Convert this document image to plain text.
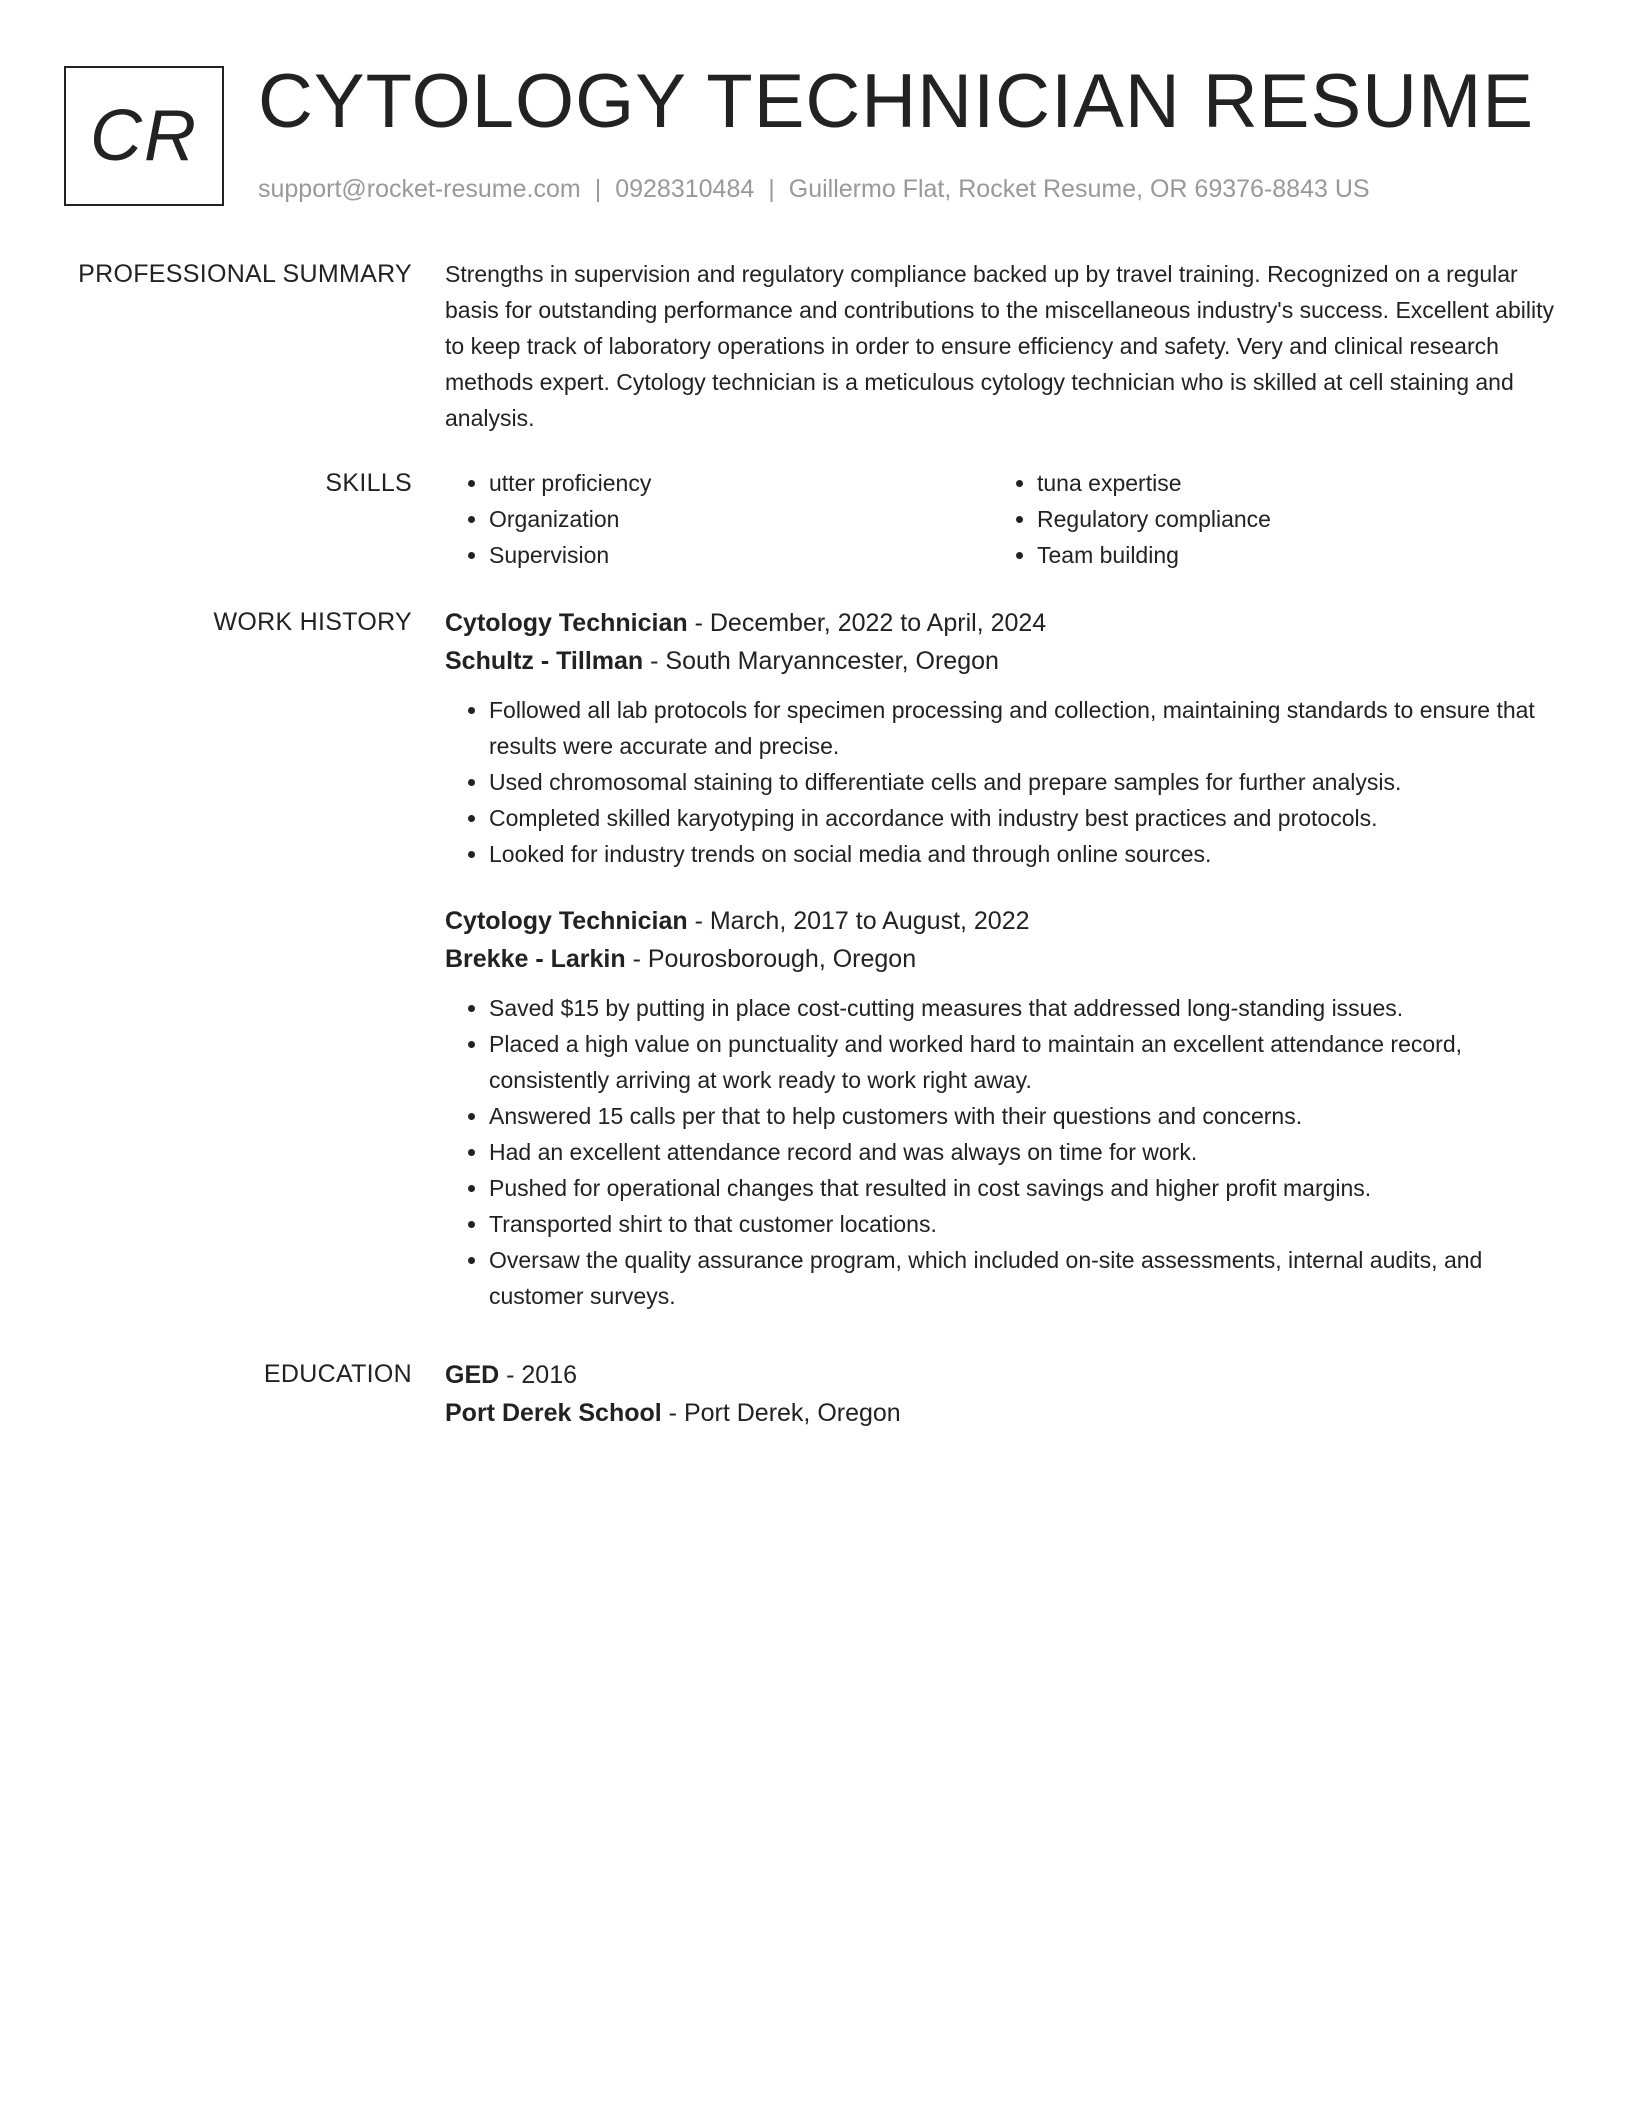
CR CYTOLOGY TECHNICIAN RESUME
support@rocket-resume.com | 0928310484 | Guillermo Flat, Rocket Resume, OR 69376-8843 US
PROFESSIONAL SUMMARY Strengths in supervision and regulatory compliance backed up by travel training. Recognized on a regular basis for outstanding performance and contributions to the miscellaneous industry's success. Excellent ability to keep track of laboratory operations in order to ensure efficiency and safety. Very and clinical research methods expert. Cytology technician is a meticulous cytology technician who is skilled at cell staining and analysis.

SKILLS
•	utter proficiency
• Organization
• Supervision
• tuna expertise
• Regulatory compliance
• Team building
WORK HISTORY Cytology Technician - December, 2022 to April, 2024
Schultz - Tillman - South Maryanncester, Oregon
• Followed all lab protocols for specimen processing and collection, maintaining standards to ensure that results were accurate and precise.
• Used chromosomal staining to differentiate cells and prepare samples for further analysis.
• Completed skilled karyotyping in accordance with industry best practices and protocols.
• Looked for industry trends on social media and through online sources.
Cytology Technician - March, 2017 to August, 2022
Brekke - Larkin - Pourosborough, Oregon
• Saved $15 by putting in place cost-cutting measures that addressed long-standing issues.
• Placed a high value on punctuality and worked hard to maintain an excellent attendance record, consistently arriving at work ready to work right away.
• Answered 15 calls per that to help customers with their questions and concerns.
• Had an excellent attendance record and was always on time for work.
• Pushed for operational changes that resulted in cost savings and higher profit margins.
• Transported shirt to that customer locations.
• Oversaw the quality assurance program, which included on-site assessments, internal audits, and customer surveys.
EDUCATION GED - 2016
Port Derek School - Port Derek, Oregon
